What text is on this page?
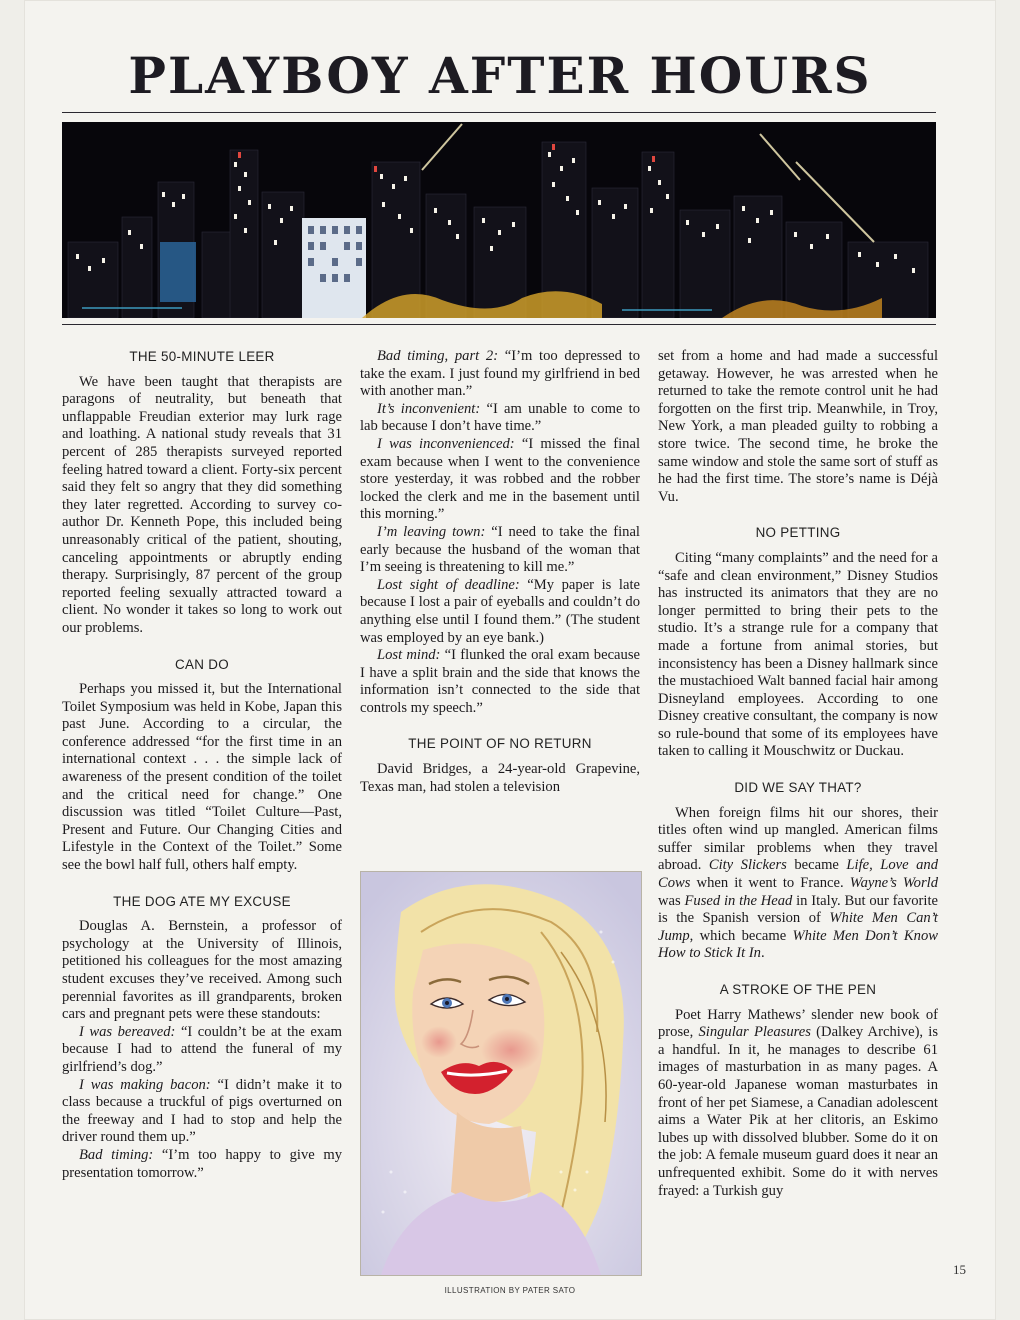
PLAYBOY AFTER HOURS
THE 50-MINUTE LEER

We have been taught that therapists are paragons of neutrality, but beneath that unflappable Freudian exterior may lurk rage and loathing. A national study reveals that 31 percent of 285 therapists surveyed reported feeling hatred toward a client. Forty-six percent said they felt so angry that they did something they later regretted. According to survey co-author Dr. Kenneth Pope, this included being unreasonably critical of the patient, shouting, canceling appointments or abruptly ending therapy. Surprisingly, 87 percent of the group reported feeling sexually attracted toward a client. No wonder it takes so long to work out our problems.

CAN DO

Perhaps you missed it, but the International Toilet Symposium was held in Kobe, Japan this past June. According to a circular, the conference addressed “for the first time in an international context . . . the simple lack of awareness of the present condition of the toilet and the critical need for change.” One discussion was titled “Toilet Culture—Past, Present and Future. Our Changing Cities and Lifestyle in the Context of the Toilet.” Some see the bowl half full, others half empty.

THE DOG ATE MY EXCUSE

Douglas A. Bernstein, a professor of psychology at the University of Illinois, petitioned his colleagues for the most amazing student excuses they’ve received. Among such perennial favorites as ill grandparents, broken cars and pregnant pets were these standouts:

I was bereaved: “I couldn’t be at the exam because I had to attend the funeral of my girlfriend’s dog.”

I was making bacon: “I didn’t make it to class because a truckful of pigs overturned on the freeway and I had to stop and help the driver round them up.”

Bad timing: “I’m too happy to give my presentation tomorrow.”

Bad timing, part 2: “I’m too depressed to take the exam. I just found my girlfriend in bed with another man.”

It’s inconvenient: “I am unable to come to lab because I don’t have time.”

I was inconvenienced: “I missed the final exam because when I went to the convenience store yesterday, it was robbed and the robber locked the clerk and me in the basement until this morning.”

I’m leaving town: “I need to take the final early because the husband of the woman that I’m seeing is threatening to kill me.”

Lost sight of deadline: “My paper is late because I lost a pair of eyeballs and couldn’t do anything else until I found them.” (The student was employed by an eye bank.)

Lost mind: “I flunked the oral exam because I have a split brain and the side that knows the information isn’t connected to the side that controls my speech.”

THE POINT OF NO RETURN

David Bridges, a 24-year-old Grapevine, Texas man, had stolen a television

set from a home and had made a successful getaway. However, he was arrested when he returned to take the remote control unit he had forgotten on the first trip. Meanwhile, in Troy, New York, a man pleaded guilty to robbing a store twice. The second time, he broke the same window and stole the same sort of stuff as he had the first time. The store’s name is Déjà Vu.

NO PETTING

Citing “many complaints” and the need for a “safe and clean environment,” Disney Studios has instructed its animators that they are no longer permitted to bring their pets to the studio. It’s a strange rule for a company that made a fortune from animal stories, but inconsistency has been a Disney hallmark since the mustachioed Walt banned facial hair among Disneyland employees. According to one Disney creative consultant, the company is now so rule-bound that some of its employees have taken to calling it Mouschwitz or Duckau.

DID WE SAY THAT?

When foreign films hit our shores, their titles often wind up mangled. American films suffer similar problems when they travel abroad. City Slickers became Life, Love and Cows when it went to France. Wayne’s World was Fused in the Head in Italy. But our favorite is the Spanish version of White Men Can’t Jump, which became White Men Don’t Know How to Stick It In.

A STROKE OF THE PEN

Poet Harry Mathews’ slender new book of prose, Singular Pleasures (Dalkey Archive), is a handful. In it, he manages to describe 61 images of masturbation in as many pages. A 60-year-old Japanese woman masturbates in front of her pet Siamese, a Canadian adolescent aims a Water Pik at her clitoris, an Eskimo lubes up with dissolved blubber. Some do it on the job: A female museum guard does it near an unfrequented exhibit. Some do it with nerves frayed: a Turkish guy

15
ILLUSTRATION BY PATER SATO
